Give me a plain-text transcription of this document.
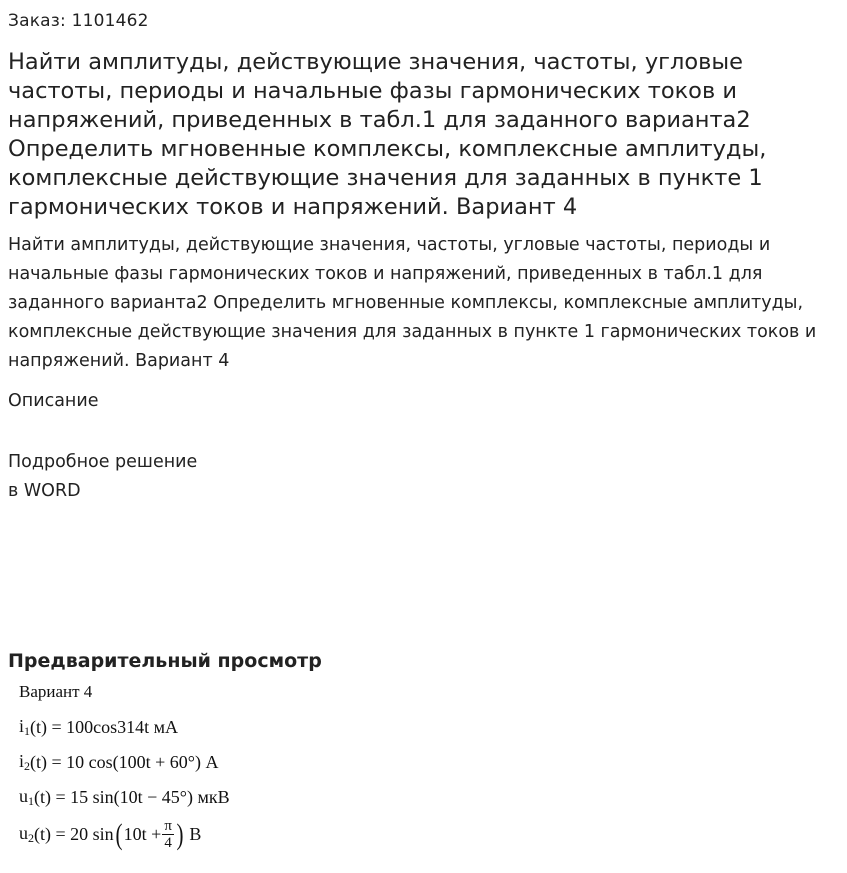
Заказ: 1101462
Найти амплитуды, действующие значения, частоты, угловые частоты, периоды и начальные фазы гармонических токов и напряжений, приведенных в табл.1 для заданного варианта2 Определить мгновенные комплексы, комплексные амплитуды, комплексные действующие значения для заданных в пункте 1 гармонических токов и напряжений. Вариант 4
Найти амплитуды, действующие значения, частоты, угловые частоты, периоды и начальные фазы гармонических токов и напряжений, приведенных в табл.1 для заданного варианта2 Определить мгновенные комплексы, комплексные амплитуды, комплексные действующие значения для заданных в пункте 1 гармонических токов и напряжений. Вариант 4
Описание
Подробное решение
в WORD
Предварительный просмотр
Вариант 4
$i_1$ (t) = 100cos314t мА
$i_2$ (t) = 10 cos(100t + 60°) А
$u_1$ (t) = 15 sin(10t − 45°) мкВ
$u_2$ (t) = 20 sin ( $10t + \frac{\pi}{4}$ )
В
